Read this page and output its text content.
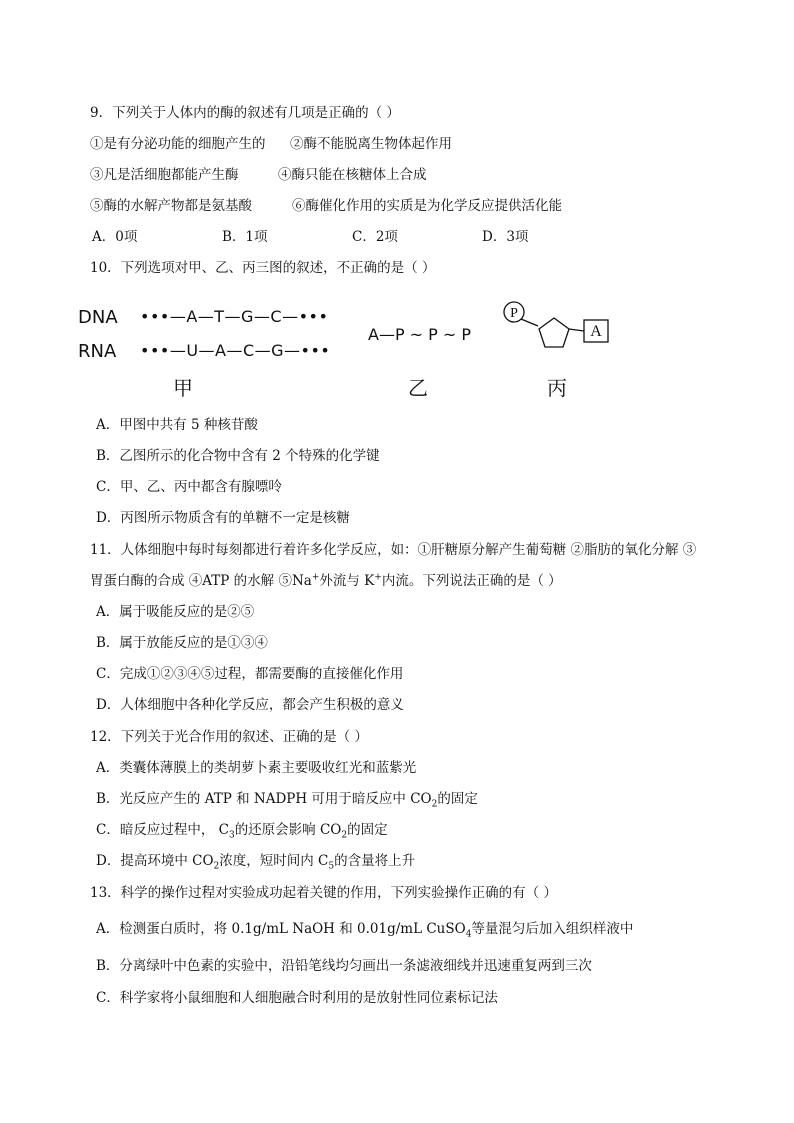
9．下列关于人体内的酶的叙述有几项是正确的（ ）
①是有分泌功能的细胞产生的 ②酶不能脱离生物体起作用
③凡是活细胞都能产生酶	④酶只能在核糖体上合成
⑤酶的水解产物都是氨基酸	⑥酶催化作用的实质是为化学反应提供活化能
A．0项	B．1项	C．2项	D．3项
10．下列选项对甲、乙、丙三图的叙述，不正确的是（ ）
DNA •••—A—T—G—C—•••
RNA •••—U—A—C—G—•••
甲
A—P ~ P ~ P
乙
P
A
丙
A．甲图中共有 5 种核苷酸
B．乙图所示的化合物中含有 2 个特殊的化学键
C．甲、乙、丙中都含有腺嘌呤
D．丙图所示物质含有的单糖不一定是核糖
11．人体细胞中每时每刻都进行着许多化学反应，如：①肝糖原分解产生葡萄糖 ②脂肪的氧化分解 ③
胃蛋白酶的合成 ④ATP 的水解 ⑤Na+外流与 K+内流。下列说法正确的是（ ）
A．属于吸能反应的是②⑤
B．属于放能反应的是①③④
C．完成①②③④⑤过程，都需要酶的直接催化作用
D．人体细胞中各种化学反应，都会产生积极的意义
12．下列关于光合作用的叙述、正确的是（ ）
A．类囊体薄膜上的类胡萝卜素主要吸收红光和蓝紫光
B．光反应产生的 ATP 和 NADPH 可用于暗反应中 $CO_2$的固定
C．暗反应过程中， $C_3$的还原会影响 $CO_2$的固定
D．提高环境中 $CO_2$浓度，短时间内 $C_5$的含量将上升
13．科学的操作过程对实验成功起着关键的作用，下列实验操作正确的有（ ）
A．检测蛋白质时，将 0.1g/mL NaOH 和 0.01g/mL CuSO$_4$等量混匀后加入组织样液中
B．分离绿叶中色素的实验中，沿铅笔线均匀画出一条滤液细线并迅速重复两到三次
C．科学家将小鼠细胞和人细胞融合时利用的是放射性同位素标记法
